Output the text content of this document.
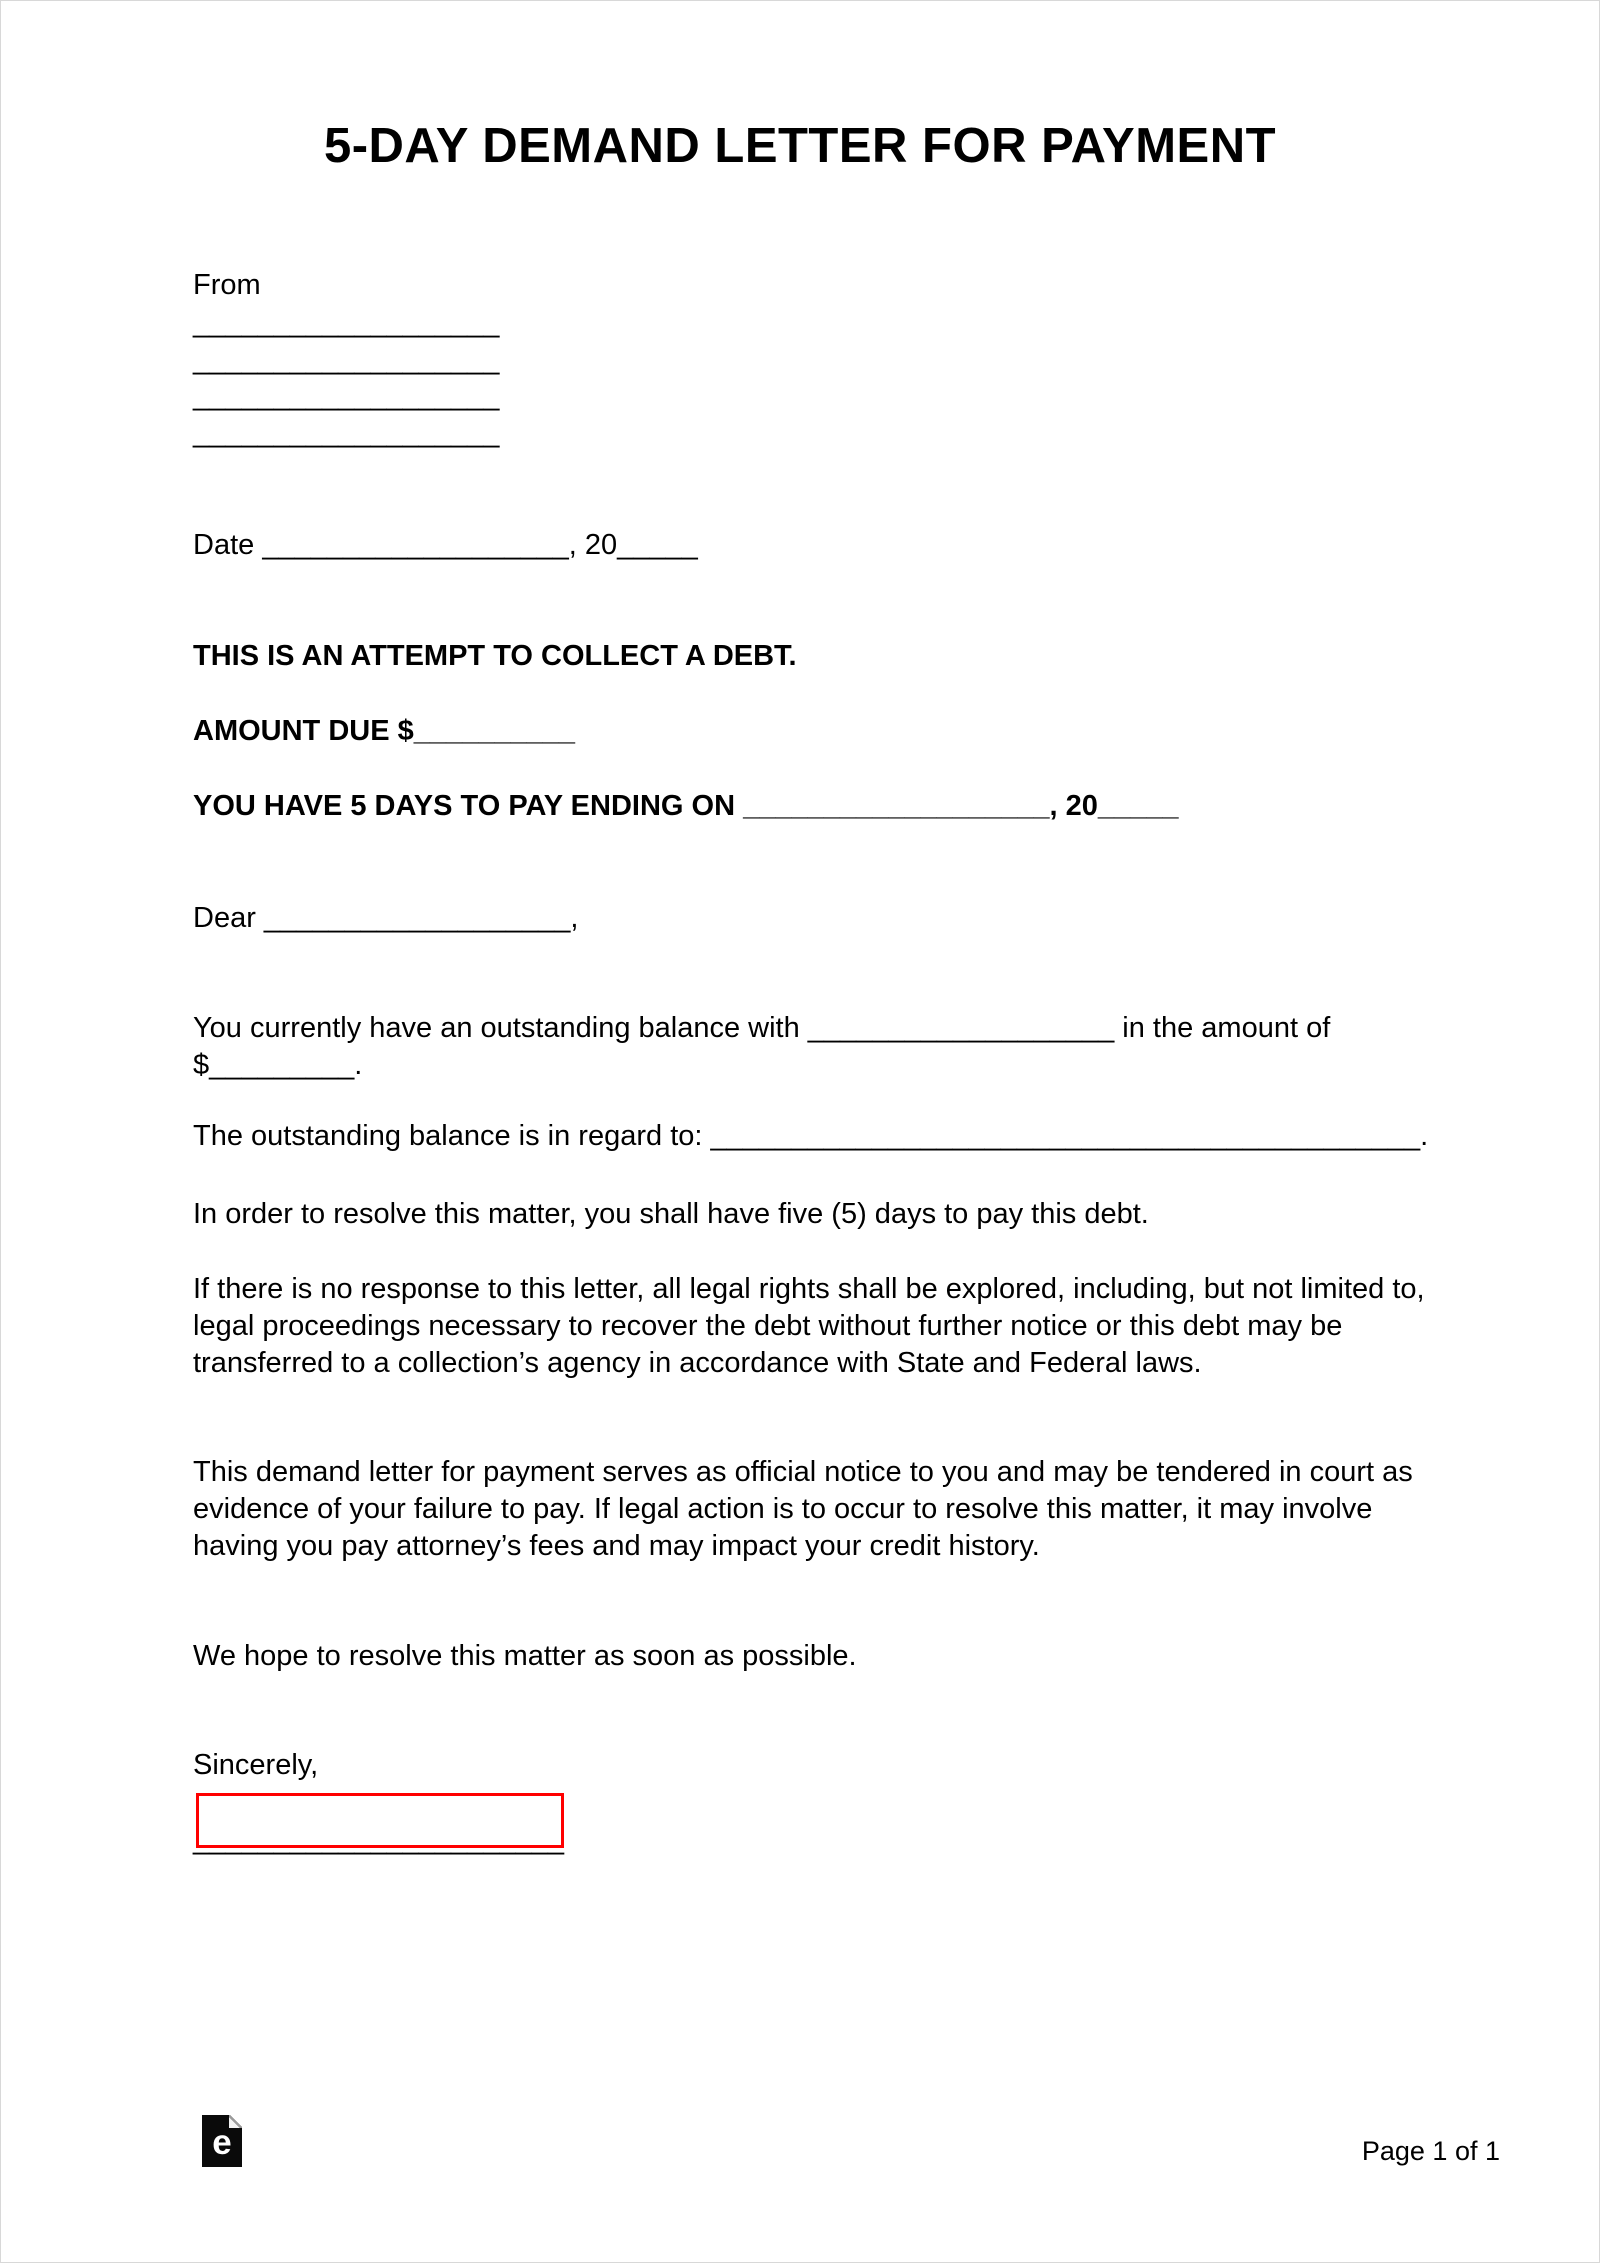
5-DAY DEMAND LETTER FOR PAYMENT
From
___________________
___________________
___________________
___________________
Date ___________________, 20_____
THIS IS AN ATTEMPT TO COLLECT A DEBT.
AMOUNT DUE $__________
YOU HAVE 5 DAYS TO PAY ENDING ON ___________________, 20_____
Dear ___________________,
You currently have an outstanding balance with ___________________ in the amount of $_________.
The outstanding balance is in regard to: ____________________________________________.
In order to resolve this matter, you shall have five (5) days to pay this debt.
If there is no response to this letter, all legal rights shall be explored, including, but not limited to, legal proceedings necessary to recover the debt without further notice or this debt may be transferred to a collection’s agency in accordance with State and Federal laws.
This demand letter for payment serves as official notice to you and may be tendered in court as evidence of your failure to pay. If legal action is to occur to resolve this matter, it may involve having you pay attorney’s fees and may impact your credit history.
We hope to resolve this matter as soon as possible.
Sincerely,
_______________________
e	Page 1 of 1
